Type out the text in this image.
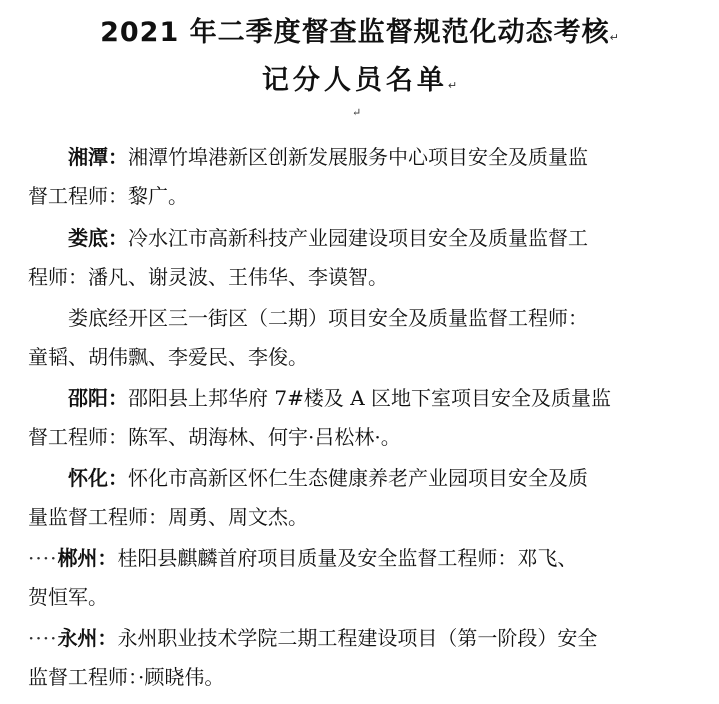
2021 年二季度督查监督规范化动态考核↵
记分人员名单↵
↵
湘潭：湘潭竹埠港新区创新发展服务中心项目安全及质量监
督工程师：黎广。
娄底：冷水江市高新科技产业园建设项目安全及质量监督工
程师：潘凡、谢灵波、王伟华、李谟智。
娄底经开区三一街区（二期）项目安全及质量监督工程师：
童韬、胡伟飘、李爱民、李俊。
邵阳：邵阳县上邦华府 7#楼及 A 区地下室项目安全及质量监
督工程师：陈军、胡海林、何宇·吕松林·。
怀化：怀化市高新区怀仁生态健康养老产业园项目安全及质
量监督工程师：周勇、周文杰。
····郴州：桂阳县麒麟首府项目质量及安全监督工程师：邓飞、
贺恒军。
····永州：永州职业技术学院二期工程建设项目（第一阶段）安全
监督工程师：·顾晓伟。
